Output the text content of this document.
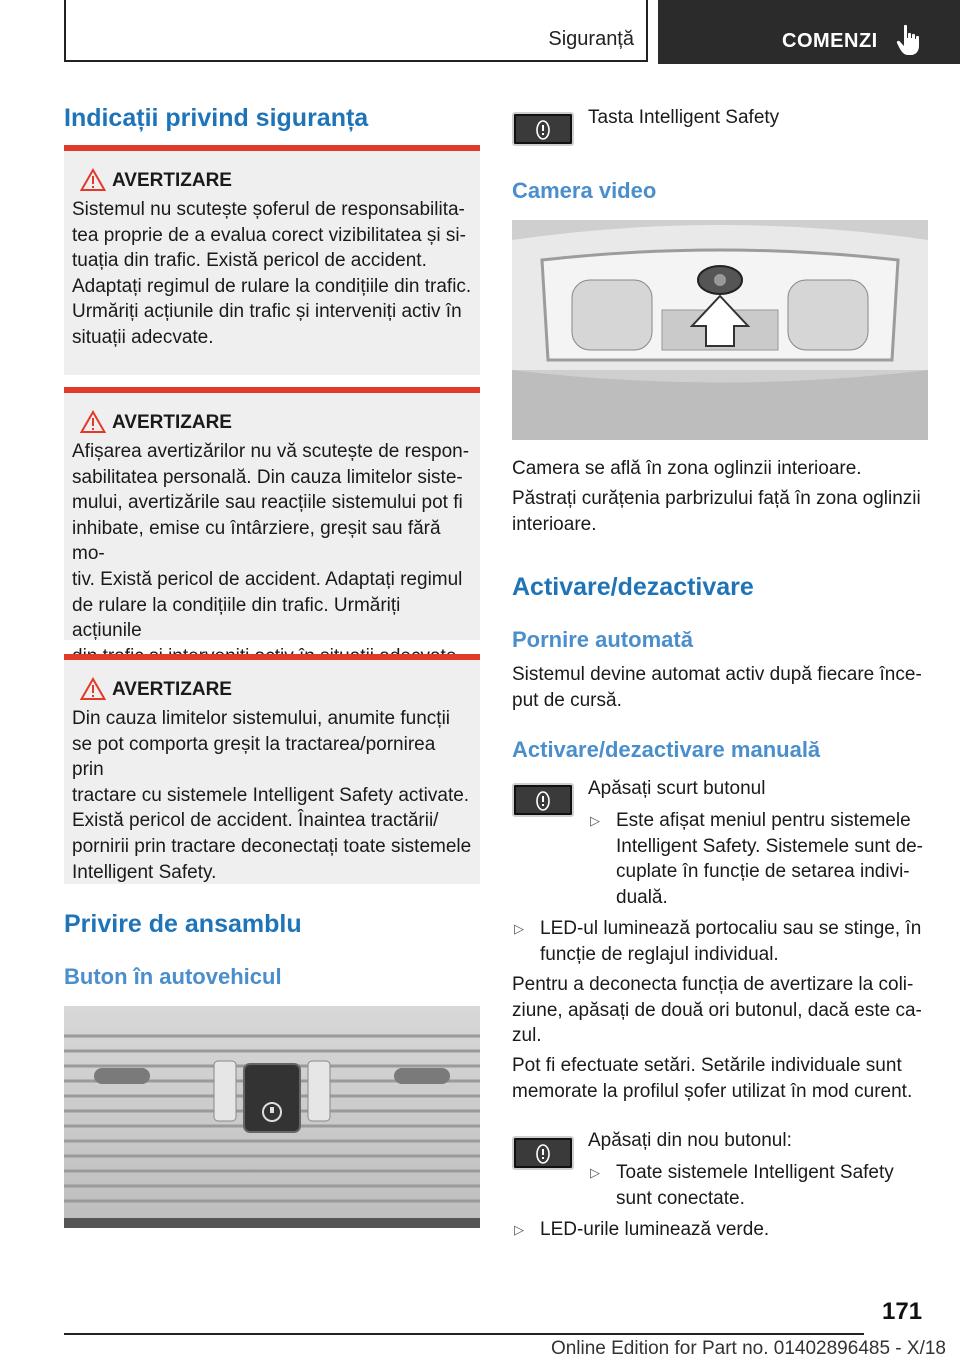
Siguranță	COMENZI
Indicații privind siguranța
AVERTIZARE
Sistemul nu scutește șoferul de responsabilita-
tea proprie de a evalua corect vizibilitatea și si-
tuația din trafic. Există pericol de accident.
Adaptați regimul de rulare la condițiile din trafic.
Urmăriți acțiunile din trafic și interveniți activ în
situații adecvate.
AVERTIZARE
Afișarea avertizărilor nu vă scutește de respon-
sabilitatea personală. Din cauza limitelor siste-
mului, avertizările sau reacțiile sistemului pot fi
inhibate, emise cu întârziere, greșit sau fără mo-
tiv. Există pericol de accident. Adaptați regimul
de rulare la condițiile din trafic. Urmăriți acțiunile
AVERTIZARE
Din cauza limitelor sistemului, anumite funcții
se pot comporta greșit la tractarea/pornirea prin
tractare cu sistemele Intelligent Safety activate.
Există pericol de accident. Înaintea tractării/
pornirii prin tractare deconectați toate sistemele
Intelligent Safety.
Privire de ansamblu
Buton în autovehicul
Tasta Intelligent Safety
Camera video
Camera se află în zona oglinzii interioare.
Păstrați curățenia parbrizului față în zona oglinzii
interioare.
Activare/dezactivare
Pornire automată
Sistemul devine automat activ după fiecare înce-
put de cursă.
Activare/dezactivare manuală
Apăsați scurt butonul
▷ Este afișat meniul pentru sistemele
Intelligent Safety. Sistemele sunt de-
cuplate în funcție de setarea indivi-
duală.
▷ LED-ul luminează portocaliu sau se stinge, în
funcție de reglajul individual.
Pentru a deconecta funcția de avertizare la coli-
ziune, apăsați de două ori butonul, dacă este ca-
zul.
Pot fi efectuate setări. Setările individuale sunt
memorate la profilul șofer utilizat în mod curent.
Apăsați din nou butonul:
▷ Toate sistemele Intelligent Safety
sunt conectate.
▷ LED-urile luminează verde.
171
Online Edition for Part no. 01402896485 - X/18
